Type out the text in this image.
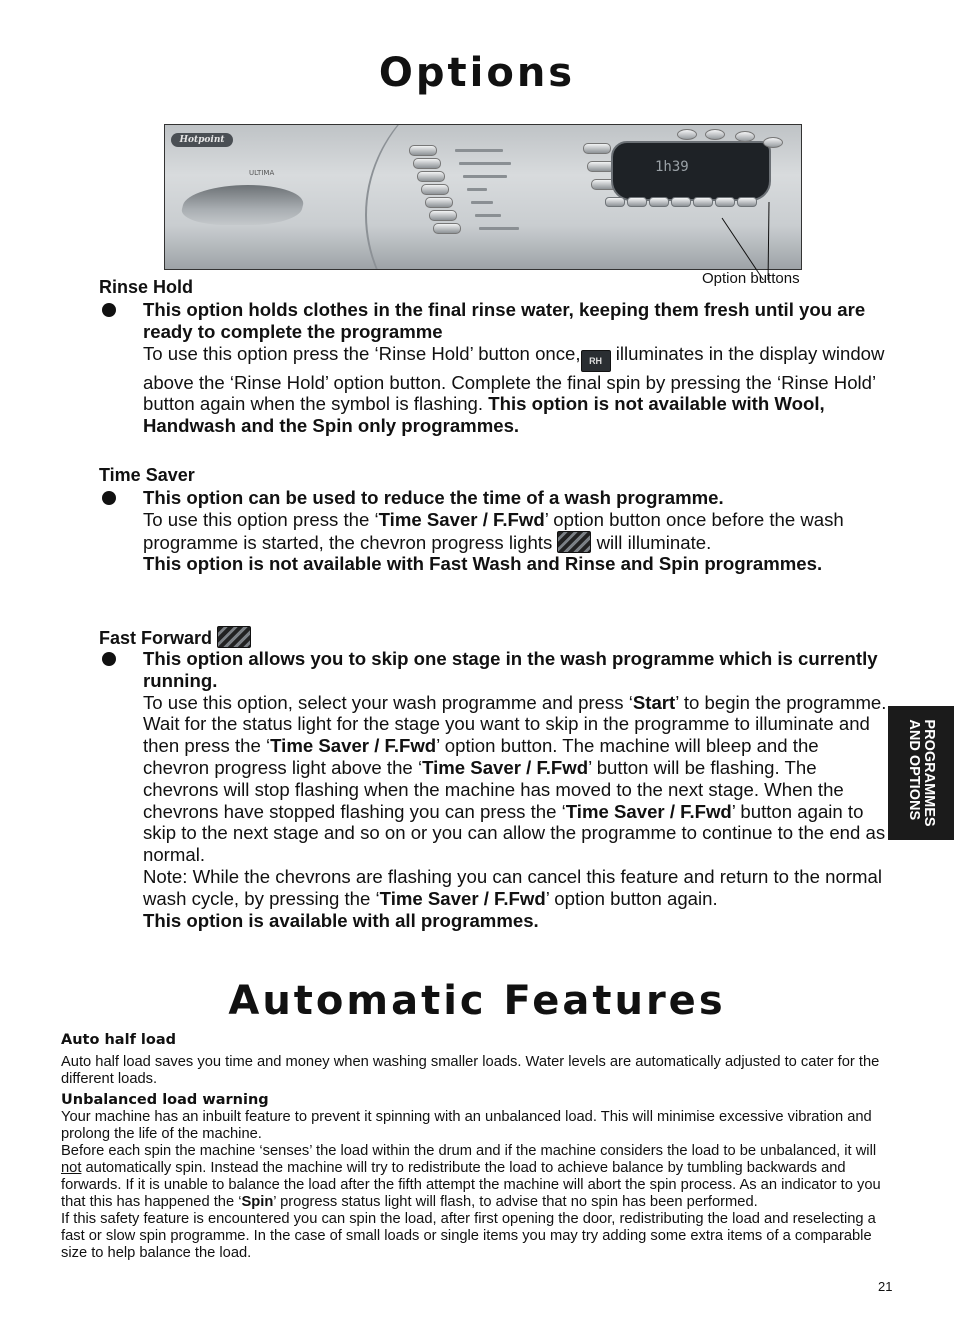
Options
Hotpoint
ULTIMA	1h39
Option buttons
Rinse Hold

This option holds clothes in the final rinse water, keeping them fresh until you are ready to complete the programme

To use this option press the ‘Rinse Hold’ button once, RH illuminates in the display window above the ‘Rinse Hold’ option button. Complete the final spin by pressing the ‘Rinse Hold’ button again when the symbol is flashing. This option is not available with Wool, Handwash and the Spin only programmes.

Time Saver

This option can be used to reduce the time of a wash programme.

To use this option press the ‘Time Saver / F.Fwd’ option button once before the wash programme is started, the chevron progress lights  will illuminate.

This option is not available with Fast Wash and Rinse and Spin programmes.

Fast Forward

This option allows you to skip one stage in the wash programme which is currently running.

To use this option, select your wash programme and press ‘Start’ to begin the programme. Wait for the status light for the stage you want to skip in the programme to illuminate and then press the ‘Time Saver / F.Fwd’ option button. The machine will bleep and the chevron progress light above the ‘Time Saver / F.Fwd’ button will be flashing. The chevrons will stop flashing when the machine has moved to the next stage. When the chevrons have stopped flashing you can press the ‘Time Saver / F.Fwd’ button again to skip to the next stage and so on or you can allow the programme to continue to the end as normal.

Note: While the chevrons are flashing you can cancel this feature and return to the normal wash cycle, by pressing the ‘Time Saver / F.Fwd’ option button again.

This option is available with all programmes.

PROGRAMMES
AND OPTIONS
Automatic Features
Auto half load

Auto half load saves you time and money when washing smaller loads. Water levels are automatically adjusted to cater for the different loads.

Unbalanced load warning

Your machine has an inbuilt feature to prevent it spinning with an unbalanced load. This will minimise excessive vibration and prolong the life of the machine.

Before each spin the machine ‘senses’ the load within the drum and if the machine considers the load to be unbalanced, it will not automatically spin. Instead the machine will try to redistribute the load to achieve balance by tumbling backwards and forwards. If it is unable to balance the load after the fifth attempt the machine will abort the spin process. As an indicator to you that this has happened the ‘Spin’ progress status light will flash, to advise that no spin has been performed.

If this safety feature is encountered you can spin the load, after first opening the door, redistributing the load and reselecting a fast or slow spin programme. In the case of small loads or single items you may try adding some extra items of a comparable size to help balance the load.

21
